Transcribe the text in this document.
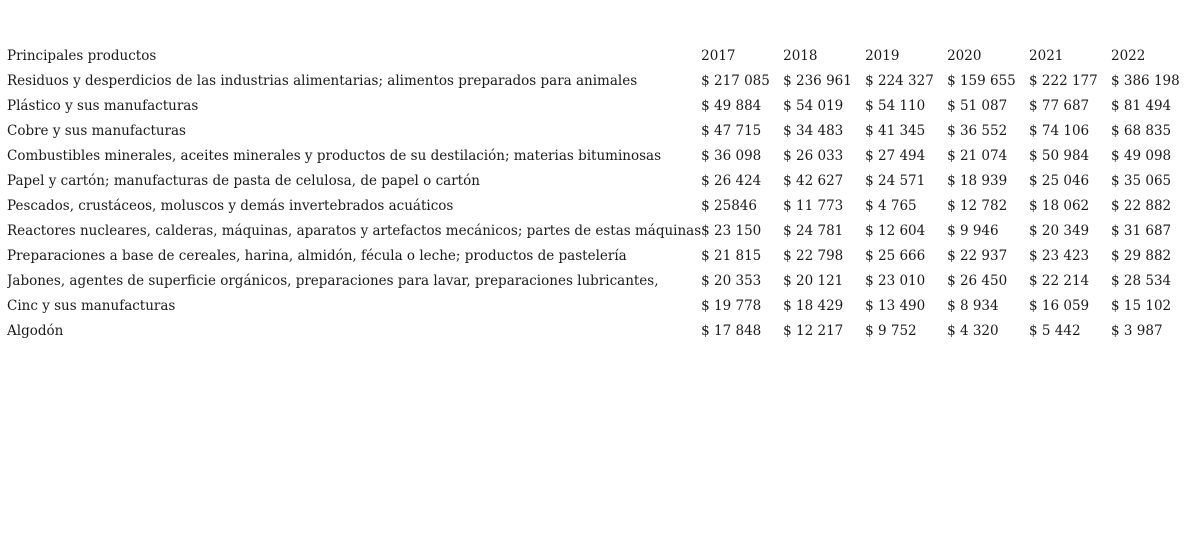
Principales productos	2017	2018	2019	2020	2021	2022
Residuos y desperdicios de las industrias alimentarias; alimentos preparados para animales	$ 217 085	$ 236 961	$ 224 327	$ 159 655	$ 222 177	$ 386 198
Plástico y sus manufacturas	$ 49 884	$ 54 019	$ 54 110	$ 51 087	$ 77 687	$ 81 494
Cobre y sus manufacturas	$ 47 715	$ 34 483	$ 41 345	$ 36 552	$ 74 106	$ 68 835
Combustibles minerales, aceites minerales y productos de su destilación; materias bituminosas	$ 36 098	$ 26 033	$ 27 494	$ 21 074	$ 50 984	$ 49 098
Papel y cartón; manufacturas de pasta de celulosa, de papel o cartón	$ 26 424	$ 42 627	$ 24 571	$ 18 939	$ 25 046	$ 35 065
Pescados, crustáceos, moluscos y demás invertebrados acuáticos	$ 25846	$ 11 773	$ 4 765	$ 12 782	$ 18 062	$ 22 882
Reactores nucleares, calderas, máquinas, aparatos y artefactos mecánicos; partes de estas máquinas	$ 23 150	$ 24 781	$ 12 604	$ 9 946	$ 20 349	$ 31 687
Preparaciones a base de cereales, harina, almidón, fécula o leche; productos de pastelería	$ 21 815	$ 22 798	$ 25 666	$ 22 937	$ 23 423	$ 29 882
Jabones, agentes de superficie orgánicos, preparaciones para lavar, preparaciones lubricantes,	$ 20 353	$ 20 121	$ 23 010	$ 26 450	$ 22 214	$ 28 534
Cinc y sus manufacturas	$ 19 778	$ 18 429	$ 13 490	$ 8 934	$ 16 059	$ 15 102
Algodón	$ 17 848	$ 12 217	$ 9 752	$ 4 320	$ 5 442	$ 3 987
